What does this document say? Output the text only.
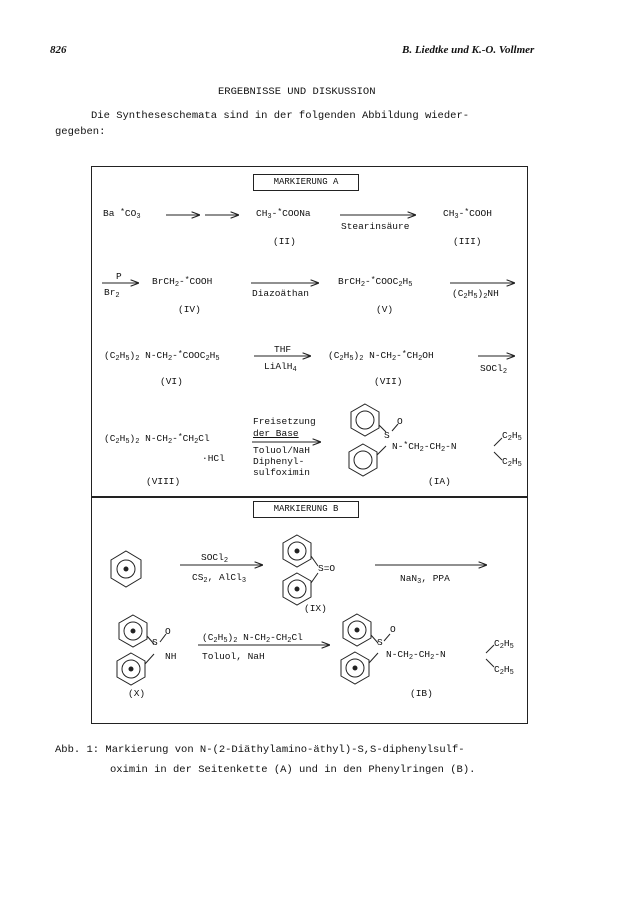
826	B. Liedtke und K.-O. Vollmer
ERGEBNISSE UND DISKUSSION
Die Syntheseschemata sind in der folgenden Abbildung wieder-
gegeben:
MARKIERUNG A
MARKIERUNG B
Ba $^*CO_3$	$CH_3-^*COONa$
(II)
Stearinsäure
$CH_3-^*COOH$
(III)
P
$Br_2$
BrCH$_2$-*COOH
Diazoäthan
$BrCH_2-^*COOC_2H_5$
$(C_2H_5)_2NH$
(IV)	(V)
$(C_2H_5)_2$ $N-CH_2-^*COOC_2H_5$
THF
LiAlH$_4$
$(C_2H_5)_2$ $N-CH_2-^*CH_2OH$
SOCl$_2$
(VI)	(VII)
$(C_2H_5)_2$ $N-CH_2-^*CH_2Cl$
·HCl
(VIII)
Freisetzung
der Base
Toluol/NaH
Diphenyl-
sulfoximin
S
O
$N-^*CH_2-CH_2-N$
$C_2H_5$
$C_2H_5$
(IA)
SOCl$_2$
$CS_2$, AlCl$_3$
S=O
(IX)
NaN$_3$, PPA
S
O
NH
(X)
$(C_2H_5)_2$ $N-CH_2-CH_2Cl$
Toluol, NaH
S
O
$N-CH_2-CH_2-N$
$C_2H_5$
$C_2H_5$
(IB)
Abb. 1: Markierung von N-(2-Diäthylamino-äthyl)-S,S-diphenylsulf-
oximin in der Seitenkette (A) und in den Phenylringen (B).
